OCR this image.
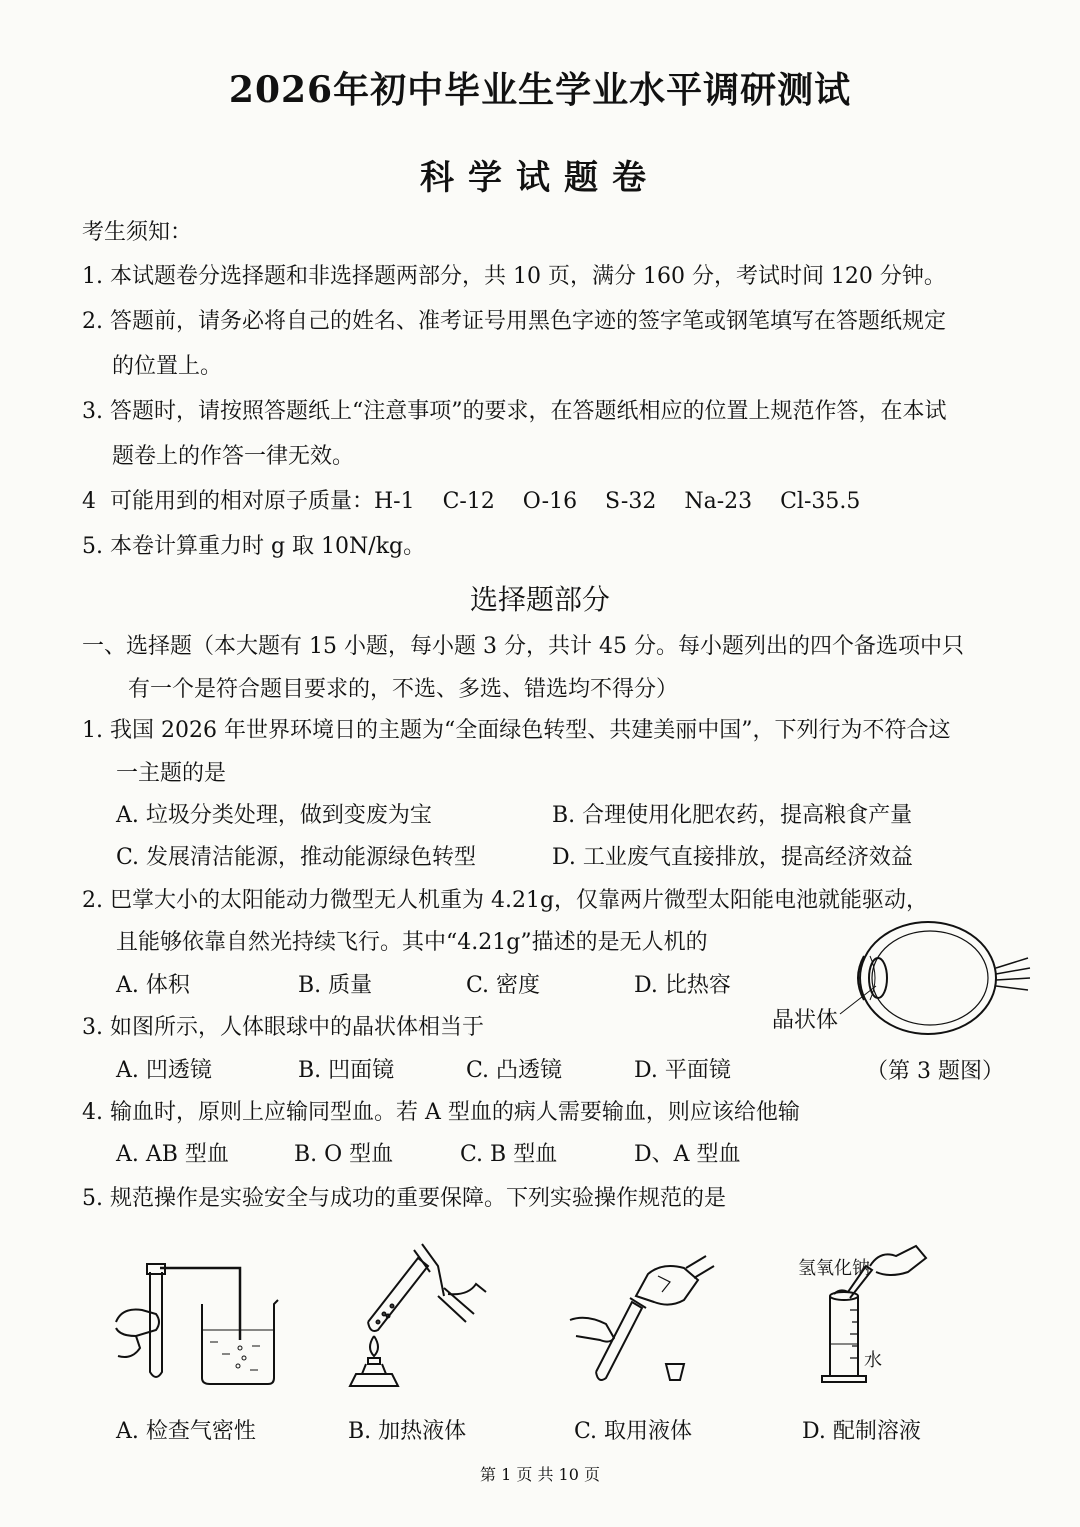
2026年初中毕业生学业水平调研测试
科学试题卷
考生须知：
1. 本试题卷分选择题和非选择题两部分，共 10 页，满分 160 分，考试时间 120 分钟。
2. 答题前，请务必将自己的姓名、准考证号用黑色字迹的签字笔或钢笔填写在答题纸规定
的位置上。
3. 答题时，请按照答题纸上“注意事项”的要求，在答题纸相应的位置上规范作答，在本试
题卷上的作答一律无效。
4  可能用到的相对原子质量：H-1    C-12    O-16    S-32    Na-23    Cl-35.5
5. 本卷计算重力时 g 取 10N/kg。
选择题部分
一、选择题（本大题有 15 小题，每小题 3 分，共计 45 分。每小题列出的四个备选项中只
有一个是符合题目要求的，不选、多选、错选均不得分）
1. 我国 2026 年世界环境日的主题为“全面绿色转型、共建美丽中国”，下列行为不符合这
一主题的是
A. 垃圾分类处理，做到变废为宝	B. 合理使用化肥农药，提高粮食产量
C. 发展清洁能源，推动能源绿色转型	D. 工业废气直接排放，提高经济效益
2. 巴掌大小的太阳能动力微型无人机重为 4.21g，仅靠两片微型太阳能电池就能驱动，
且能够依靠自然光持续飞行。其中“4.21g”描述的是无人机的
A. 体积	B. 质量	C. 密度	D. 比热容
3. 如图所示，人体眼球中的晶状体相当于
A. 凹透镜	B. 凹面镜	C. 凸透镜	D. 平面镜
晶状体
（第 3 题图）
4. 输血时，原则上应输同型血。若 A 型血的病人需要输血，则应该给他输
A. AB 型血	B. O 型血	C. B 型血	D、A 型血
5. 规范操作是实验安全与成功的重要保障。下列实验操作规范的是
A. 检查气密性	B. 加热液体	C. 取用液体
氢氧化钠
水
D. 配制溶液
第 1 页 共 10 页
